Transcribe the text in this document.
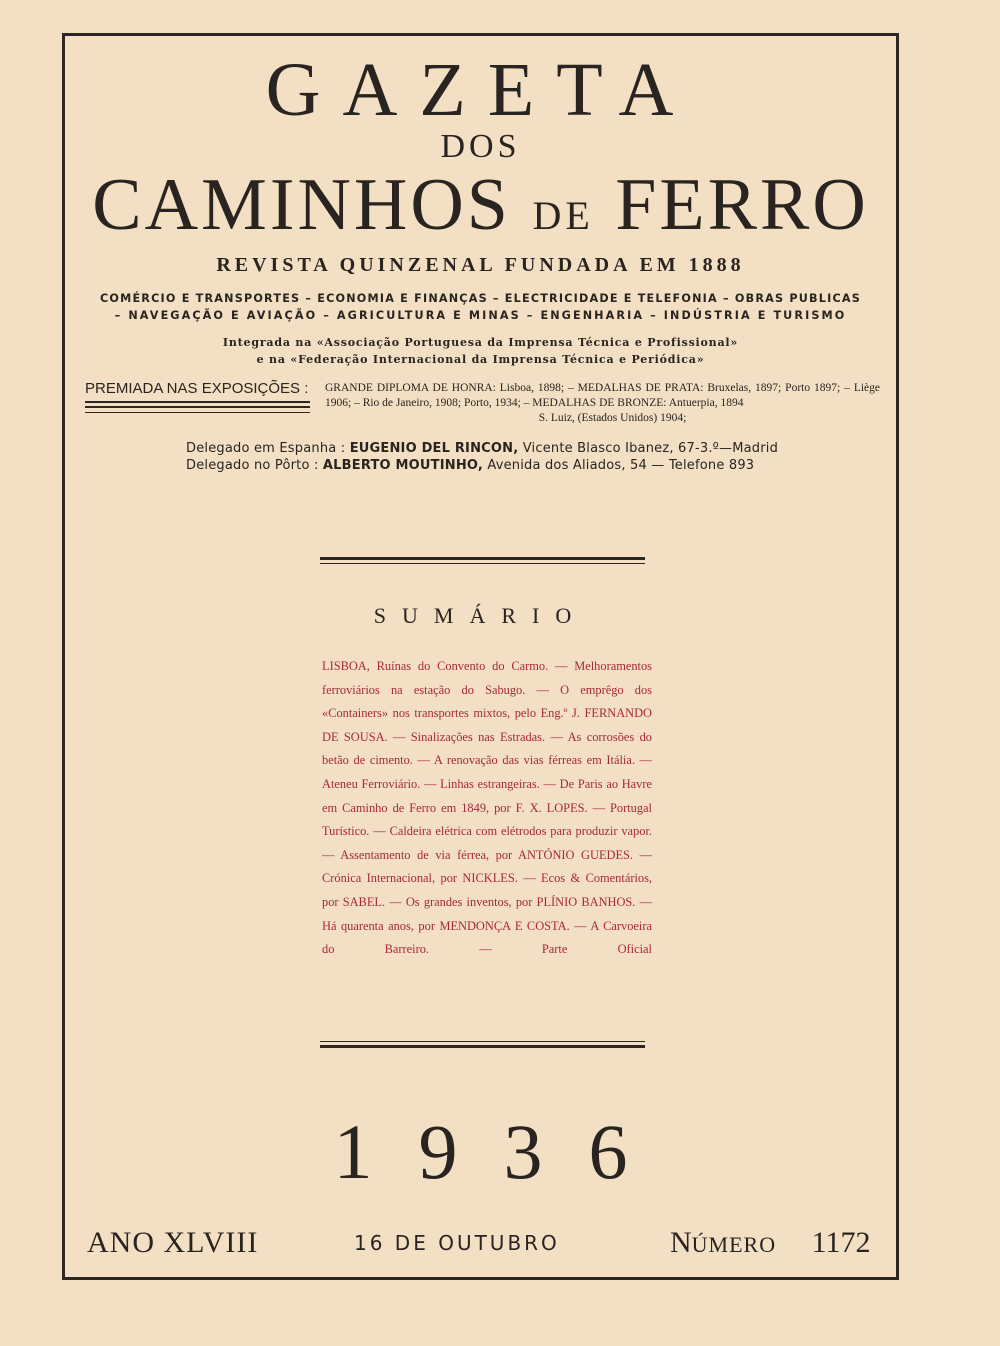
GAZETA
DOS
CAMINHOS DE FERRO
REVISTA QUINZENAL FUNDADA EM 1888
COMÉRCIO E TRANSPORTES – ECONOMIA E FINANÇAS – ELECTRICIDADE E TELEFONIA – OBRAS PUBLICAS
– NAVEGAÇÃO E AVIAÇÃO – AGRICULTURA E MINAS – ENGENHARIA – INDÚSTRIA E TURISMO
Integrada na «Associação Portuguesa da Imprensa Técnica e Profissional»
e na «Federação Internacional da Imprensa Técnica e Periódica»
PREMIADA NAS EXPOSIÇÕES : GRANDE DIPLOMA DE HONRA: Lisboa, 1898; – MEDALHAS DE PRATA: Bruxelas, 1897; Porto 1897; – Liège 1906; – Rio de Janeiro, 1908; Porto, 1934; – MEDALHAS DE BRONZE: Antuerpia, 1894
S. Luiz, (Estados Unidos) 1904;
Delegado em Espanha : EUGENIO DEL RINCON, Vicente Blasco Ibanez, 67-3.º—Madrid
Delegado no Pôrto : ALBERTO MOUTINHO, Avenida dos Aliados, 54 — Telefone 893
SUMÁRIO
LISBOA, Ruínas do Convento do Carmo. — Melhoramentos ferroviários na estação do Sabugo. — O emprêgo dos «Containers» nos transportes mixtos, pelo Eng.º J. FERNANDO DE SOUSA. — Sinalizações nas Estradas. — As corrosões do betão de cimento. — A renovação das vias férreas em Itália. — Ateneu Ferroviário. — Linhas estrangeiras. — De Paris ao Havre em Caminho de Ferro em 1849, por F. X. LOPES. — Portugal Turístico. — Caldeira elétrica com elétrodos para produzir vapor. — Assentamento de via férrea, por ANTÓNIO GUEDES. — Crónica Internacional, por NICKLES. — Ecos & Comentários, por SABEL. — Os grandes inventos, por PLÍNIO BANHOS. — Há quarenta anos, por MENDONÇA E COSTA. — A Carvoeira do Barreiro. — Parte Oficial
1936
ANO XLVIII	16 DE OUTUBRO	NÚMERO 1172
